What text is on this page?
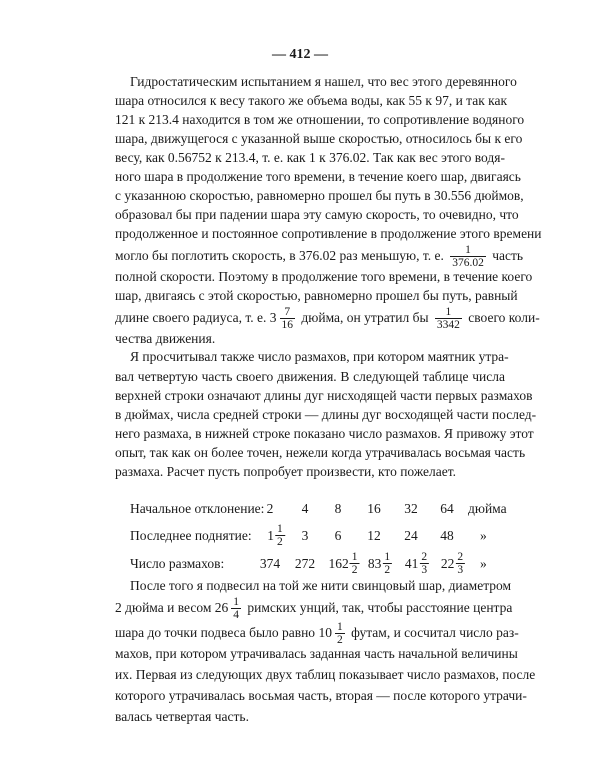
— 412 —
Гидростатическим испытанием я нашел, что вес этого деревянного
шара относился к весу такого же объема воды, как 55 к 97, и так как
121 к 213.4 находится в том же отношении, то сопротивление водяного
шара, движущегося с указанной выше скоростью, относилось бы к его
весу, как 0.56752 к 213.4, т. е. как 1 к 376.02. Так как вес этого водя-
ного шара в продолжение того времени, в течение коего шар, двигаясь
с указанною скоростью, равномерно прошел бы путь в 30.556 дюймов,
образовал бы при падении шара эту самую скорость, то очевидно, что
продолженное и постоянное сопротивление в продолжение этого времени
могло бы поглотить скорость, в 376.02 раз меньшую, т. е. $\frac{1}{376.02}$ часть
полной скорости. Поэтому в продолжение того времени, в течение коего
шар, двигаясь с этой скоростью, равномерно прошел бы путь, равный
длине своего радиуса, т. е. $3 \frac{7}{16}$ дюйма, он утратил бы $\frac{1}{3342}$ своего коли-
чества движения.
Я просчитывал также число размахов, при котором маятник утра-
вал четвертую часть своего движения. В следующей таблице числа
верхней строки означают длины дуг нисходящей части первых размахов
в дюймах, числа средней строки — длины дуг восходящей части послед-
него размаха, в нижней строке показано число размахов. Я привожу этот
опыт, так как он более точен, нежели когда утрачивалась восьмая часть
размаха. Расчет пусть попробует произвести, кто пожелает.
После того я подвесил на той же нити свинцовый шар, диаметром
2 дюйма и весом $26 \frac{1}{4}$ римских унций, так, чтобы расстояние центра
шара до точки подвеса было равно $10 \frac{1}{2}$ футам, и сосчитал число раз-
махов, при котором утрачивалась заданная часть начальной величины
их. Первая из следующих двух таблиц показывает число размахов, после
которого утрачивалась восьмая часть, вторая — после которого утрачи-
валась четвертая часть.
Начальное отклонение: 2 4 8 16 32 64 дюйма
Последнее поднятие: $1 \frac{1}{2} 3$ 6 12 24 48 »
Число размахов:	374 272 $162 \frac{1}{2} 83 \frac{1}{2} 41 \frac{2}{3} 22 \frac{2}{3}$ »
